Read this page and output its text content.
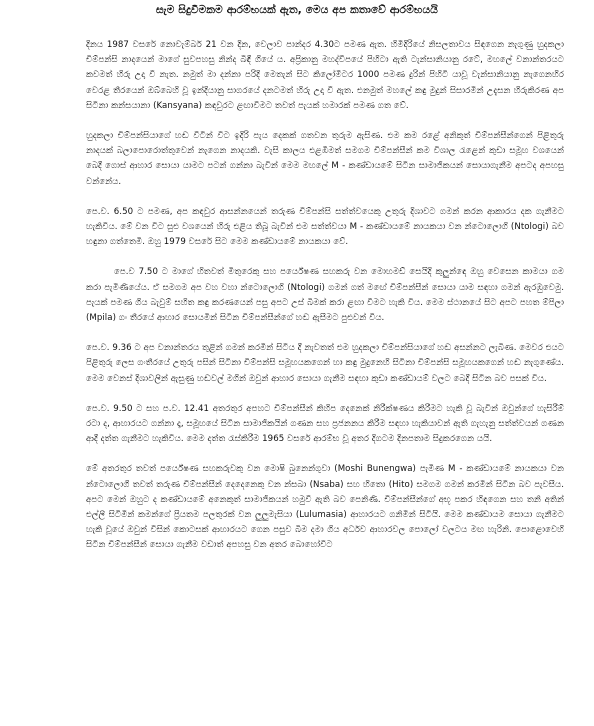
සැම සිදුවීමකම ආරම්භයක් ඇත, මෙය අප කතාවේ ආරම්භයයි

දිනය 1987 වසරේ නොවැම්බර් 21 වන දින, වෙලාව පාන්දර 4.30ට පමණ ඇත. හිමිදිරියේ නිසලතාවය සිඳගෙන නැගුණු හුදකලා චිම්පන්සි නාදයෙන් මාගේ සුවපහසු නින්ද බිඳී ගියේ ය. අප්‍රිකානු මහද්වීපයේ පිහිටා ඇති ටැන්සානියානු රටේ, මහලේ වනාන්තරයට කවමත් හිරු උදා වී නැත. නමුත් මා දන්නා පරිදි මෙතැන් සිට කිලෝමීටර 1000 පමණ දුරින් පිහිටි යාවූ වැන්සානියානු නැගෙනහිර වෙරළ තීරයෙන් ඔබ්බෙහි වූ ඉන්දියානු සාගරයේ දනටමත් හිරු උදා වී ඇත. එනමුත් මහලේ කඳු මුදුන් සිසාරමින් උදැසන හිරුකිරණ අප සිටිනා කන්සයානා (Kansyana) කඳවුරට ළඟාවීමට තවත් පැයක් හමාරක් පමණ ගත වේ.

හුදකලා චිම්පන්සියාගේ හඬ වීටින් විට ඉදිරි පැය දෙකක් ගතවන තුරුම ඇසිණ. එම කම රළේ අනිකුත් චිම්පන්සීන්ගෙන් පිළිතුරු නාදයක් බලාපොරොත්තුවෙන් නැගෙන නාදයකි. වැසි කාලය එළඹීමත් සමගම චිම්පන්සීන් කම විශාල රැළෙන් කුඩා සමූහ වශයෙන් බෙදී ගොස් ආහාර සොයා යාමට පටන් ගන්නා බැවින් මෙම මහලේ M - කණ්ඩායමේ සිටින සාමාජිකයන් සොයාගැනීම අපටද අපහසු වන්නේය.

පෙ.ව. 6.50 ට පමණ, අප කඳවුර ආසන්නයෙන් තරුණ චිම්පන්සි සත්ත්වයෙකු උතුරු දිශාවට ගමන් කරන ආකාරය දක ගැනීමට හැකිවිය. මේ වන විට සුළු වශයෙන් හිරු එළිය තිබූ බැවින් එම සත්ත්වයා M - කණ්ඩායමේ නායකයා වන න්ටොලොගි (Ntologi) බව හඳුනා ගත්තෙමි. ඔහු 1979 වසරේ සිට මෙම කණ්ඩායමේ නායකයා වේ.

පෙ.ව 7.50 ට මාගේ හිතවත් මිතුරෙකු සහ පර්යේෂණ සහකරු වන මොහමඩ් සෙයිදි කුලුන්ඳෙ ඔහු වෙසෙන කාමයා ගම කරා පැමිණියේය. ඒ සමගම අප වහ වහා න්ටොලොගි (Ntologi) ගමන් ගත් මඟේ චිම්පන්සීන් සොයා යාම සඳහා ගමන් ඇරඹුවෙමු. පැයක් පමණ ගිය බැවුම් සහිත කඳු කරණයෙන් පසු අපට උස් බිමක් කරා ළඟා වීමට හැකි විය. මෙම ස්ථානයේ සිට අපට පහත ම්පිලා (Mpila) ගං තීරයේ ආහාර සොයමින් සිටින චිම්පන්සීන්ගේ හඬ ඇසීමට පුළුවන් විය.

පෙ.ව. 9.36 ට අප වනාන්තරය තුළින් ගමන් කරමින් සිටිය දී නැවතත් එම හුදකලා චිම්පන්සියාගේ හඬ අසන්නට ලැබිණ. මෙවර එයට පිළිතුරු ලෙස ගංතීරයේ උතුරු පසින් සිටිනා චිම්පන්සි සමූහයකගෙන් හා කඳු මුදුනෙහි සිටිනා චිම්පන්සි සමූහයකගෙන් හඬ නැගුණේය. මෙම වෙනස් දිශාවලින් ඇසුණු හඬවල් මගින් ඔවුන් ආහාර සොයා ගැනීම සඳහා කුඩා කණ්ඩායම් වලට බෙදී සිටින බව පසක් විය.

පෙ.ව. 9.50 ට සහ ප.ව. 12.41 අතරතුර අපහට චිම්පන්සීන් කිහිප දෙනෙක් නිරීක්ෂණය කිරීමට හැකි වූ බැවින් ඔවුන්ගේ හැසිරීම් රටා ද, ආහාරයට ගන්නා දෑ, සමූහයේ සිටින සාමාජිකයින් ගණන සහ ප්‍රජනනය කිරීම සඳහා හැකියාවන් ඇති ගැහැනු සත්ත්වයන් ගණන ආදී දත්ත ගැනීමට හැකිවිය. මෙම දත්ත රැස්කිරීම 1965 වසරේ ආරම්භ වූ අතර දිගටම දිනපතාම සිදුකරගෙන යයි.

මේ අතරතුර තවත් පර්යේෂණ සහකරුවකු වන මොෂි බුනෙන්ගුවා (Moshi Bunengwa) පැමිණ M - කණ්ඩායමේ නායකයා වන න්ටොලොගි තවත් තරුණ චිම්පන්සීන් දෙදෙනෙකු වන න්සබා (Nsaba) සහ හිතො (Hito) සමගම ගමන් කරමින් සිටින බව පැවසීය. අපට මෙන් ඔහුට ද කණ්ඩායමේ අනෙකුත් සාමාජිකයන් හමුවී ඇති බව පෙනිණි. චිම්පන්සීන්ගේ අභූ පකර හිඳගෙන සහ තනි අතින් එල්ලී සිටිමින් කමන්ගේ ප්‍රියතම පලතුරක් වන ලුලුමැසියා (Lulumasia) ආහාරයට ගනිමින් සිටියි. මෙම කණ්ඩායම සොයා ගැනීමට හැකි වූයේ ඔවුන් විසින් කොටසක් ආහාරයට ගෙන පසුව බිම දමා ගිය අර්ධව ආහාරවල පොලෝ වලටය මඟ හැරිනි. පොළොවෙහි සිටින චිම්පන්සීන් සොයා ගැනීම වඩාත් අපහසු වන අතර බොහෝවිට
